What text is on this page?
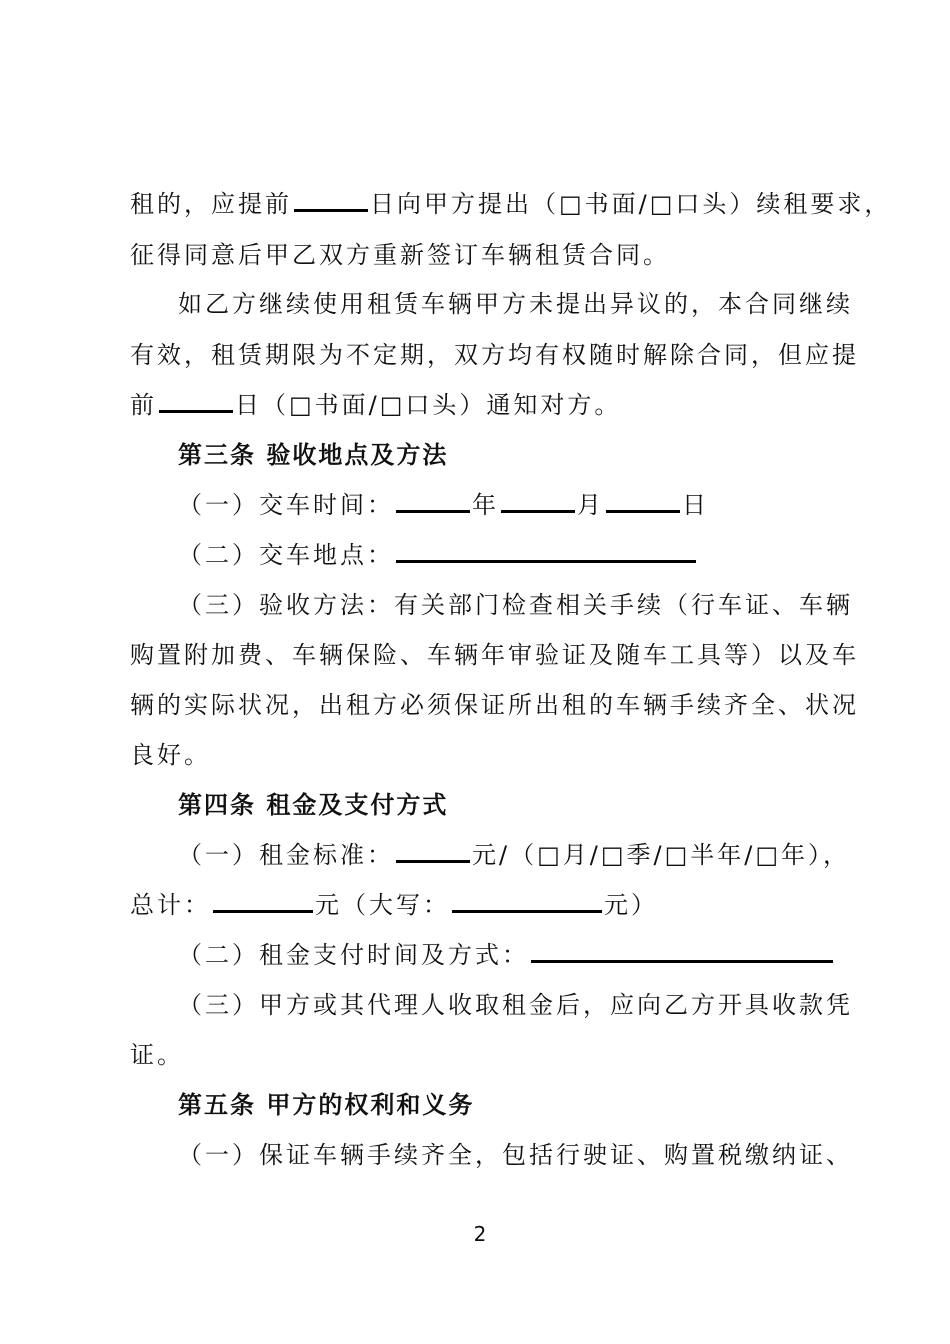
租的，应提前	日向甲方提出（□书面/□口头）续租要求，
征得同意后甲乙双方重新签订车辆租赁合同。
如乙方继续使用租赁车辆甲方未提出异议的，本合同继续
有效，租赁期限为不定期，双方均有权随时解除合同，但应提
前	日（□书面/□口头）通知对方。
第三条 验收地点及方法
（一）交车时间：	年	月	日
（二）交车地点：
（三）验收方法：有关部门检查相关手续（行车证、车辆
购置附加费、车辆保险、车辆年审验证及随车工具等）以及车
辆的实际状况，出租方必须保证所出租的车辆手续齐全、状况
良好。
第四条 租金及支付方式
（一）租金标准：	元/（□月/□季/□半年/□年），
总计：	元（大写：	元）
（二）租金支付时间及方式：
（三）甲方或其代理人收取租金后，应向乙方开具收款凭
证。
第五条 甲方的权利和义务
（一）保证车辆手续齐全，包括行驶证、购置税缴纳证、
2
